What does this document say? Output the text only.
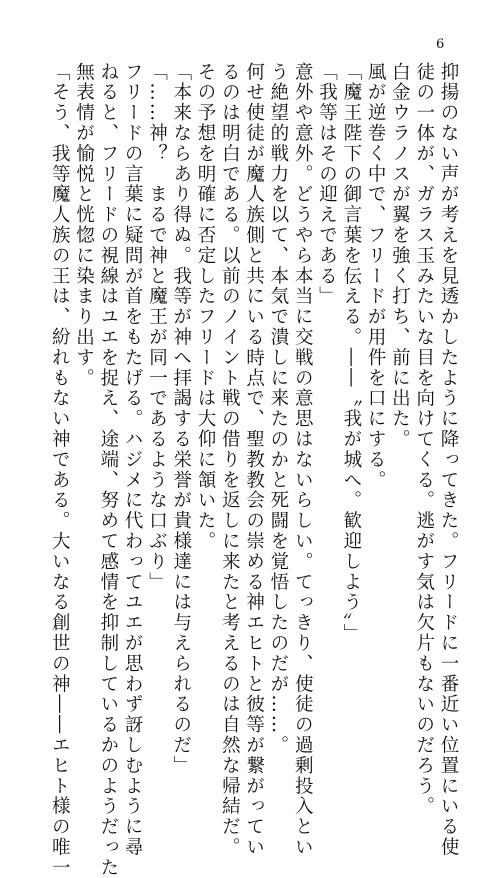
6
抑揚のない声が考えを見透かしたように降ってきた。フリードに一番近い位置にいる使
徒の一体が、ガラス玉みたいな目を向けてくる。逃がす気は欠片もないのだろう。
白金ウラノスが翼を強く打ち、前に出た。
風が逆巻く中で、フリードが用件を口にする。
「魔王陛下の御言葉を伝える。――〝我が城へ。歓迎しよう〟」
「我等はその迎えである」
意外や意外。どうやら本当に交戦の意思はないらしい。てっきり、使徒の過剰投入とい
う絶望的戦力を以て、本気で潰しに来たのかと死闘を覚悟したのだが……。
何せ使徒が魔人族側と共にいる時点で、聖教教会の崇める神エヒトと彼等が繋がってい
るのは明白である。以前のノイント戦の借りを返しに来たと考えるのは自然な帰結だ。
その予想を明確に否定したフリードは大仰に頷いた。
「本来ならあり得ぬ。我等が神へ拝謁する栄誉が貴様達には与えられるのだ」
「……神？　まるで神と魔王が同一であるような口ぶり」
フリードの言葉に疑問が首をもたげる。ハジメに代わってユエが思わず訝しむように尋
ねると、フリードの視線はユエを捉え、途端、努めて感情を抑制しているかのようだった
無表情が愉悦と恍惚に染まり出す。
「そう、我等魔人族の王は、紛れもない神である。大いなる創世の神――エヒト様の唯一
